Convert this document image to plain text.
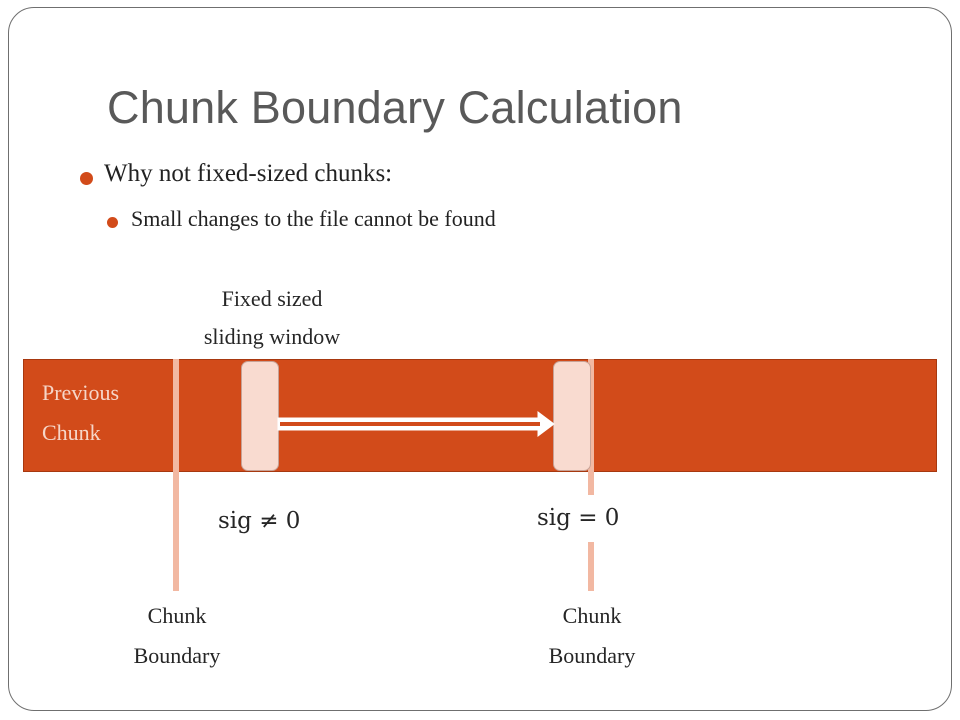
Chunk Boundary Calculation
Why not fixed-sized chunks:
Small changes to the file cannot be found
Fixed sized
sliding window
Previous
Chunk
sig ≠ 0	sig = 0
Chunk
Boundary
Chunk
Boundary
